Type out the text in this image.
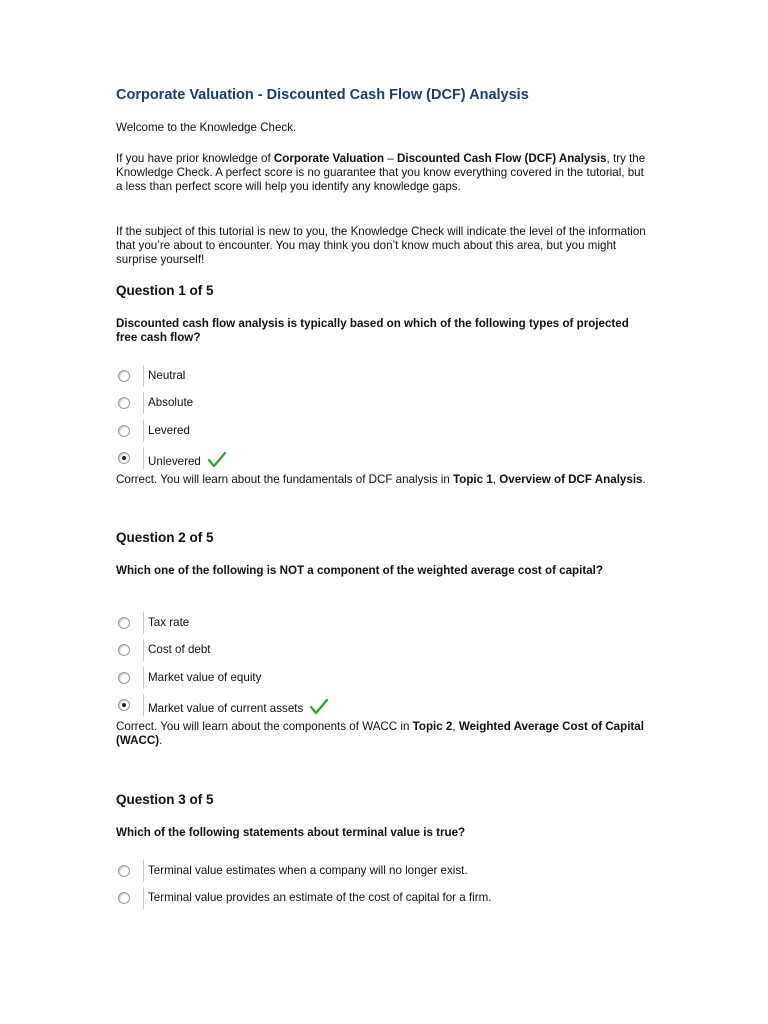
Corporate Valuation - Discounted Cash Flow (DCF) Analysis

Welcome to the Knowledge Check.

If you have prior knowledge of Corporate Valuation – Discounted Cash Flow (DCF) Analysis, try the Knowledge Check. A perfect score is no guarantee that you know everything covered in the tutorial, but a less than perfect score will help you identify any knowledge gaps.

If the subject of this tutorial is new to you, the Knowledge Check will indicate the level of the information that you’re about to encounter. You may think you don’t know much about this area, but you might surprise yourself!

Question 1 of 5
Discounted cash flow analysis is typically based on which of the following types of projected free cash flow?
Neutral
Absolute
Levered
Unlevered
Correct. You will learn about the fundamentals of DCF analysis in Topic 1, Overview of DCF Analysis.
Question 2 of 5
Which one of the following is NOT a component of the weighted average cost of capital?
Tax rate
Cost of debt
Market value of equity
Market value of current assets
Correct. You will learn about the components of WACC in Topic 2, Weighted Average Cost of Capital (WACC).
Question 3 of 5
Which of the following statements about terminal value is true?
Terminal value estimates when a company will no longer exist.
Terminal value provides an estimate of the cost of capital for a firm.
